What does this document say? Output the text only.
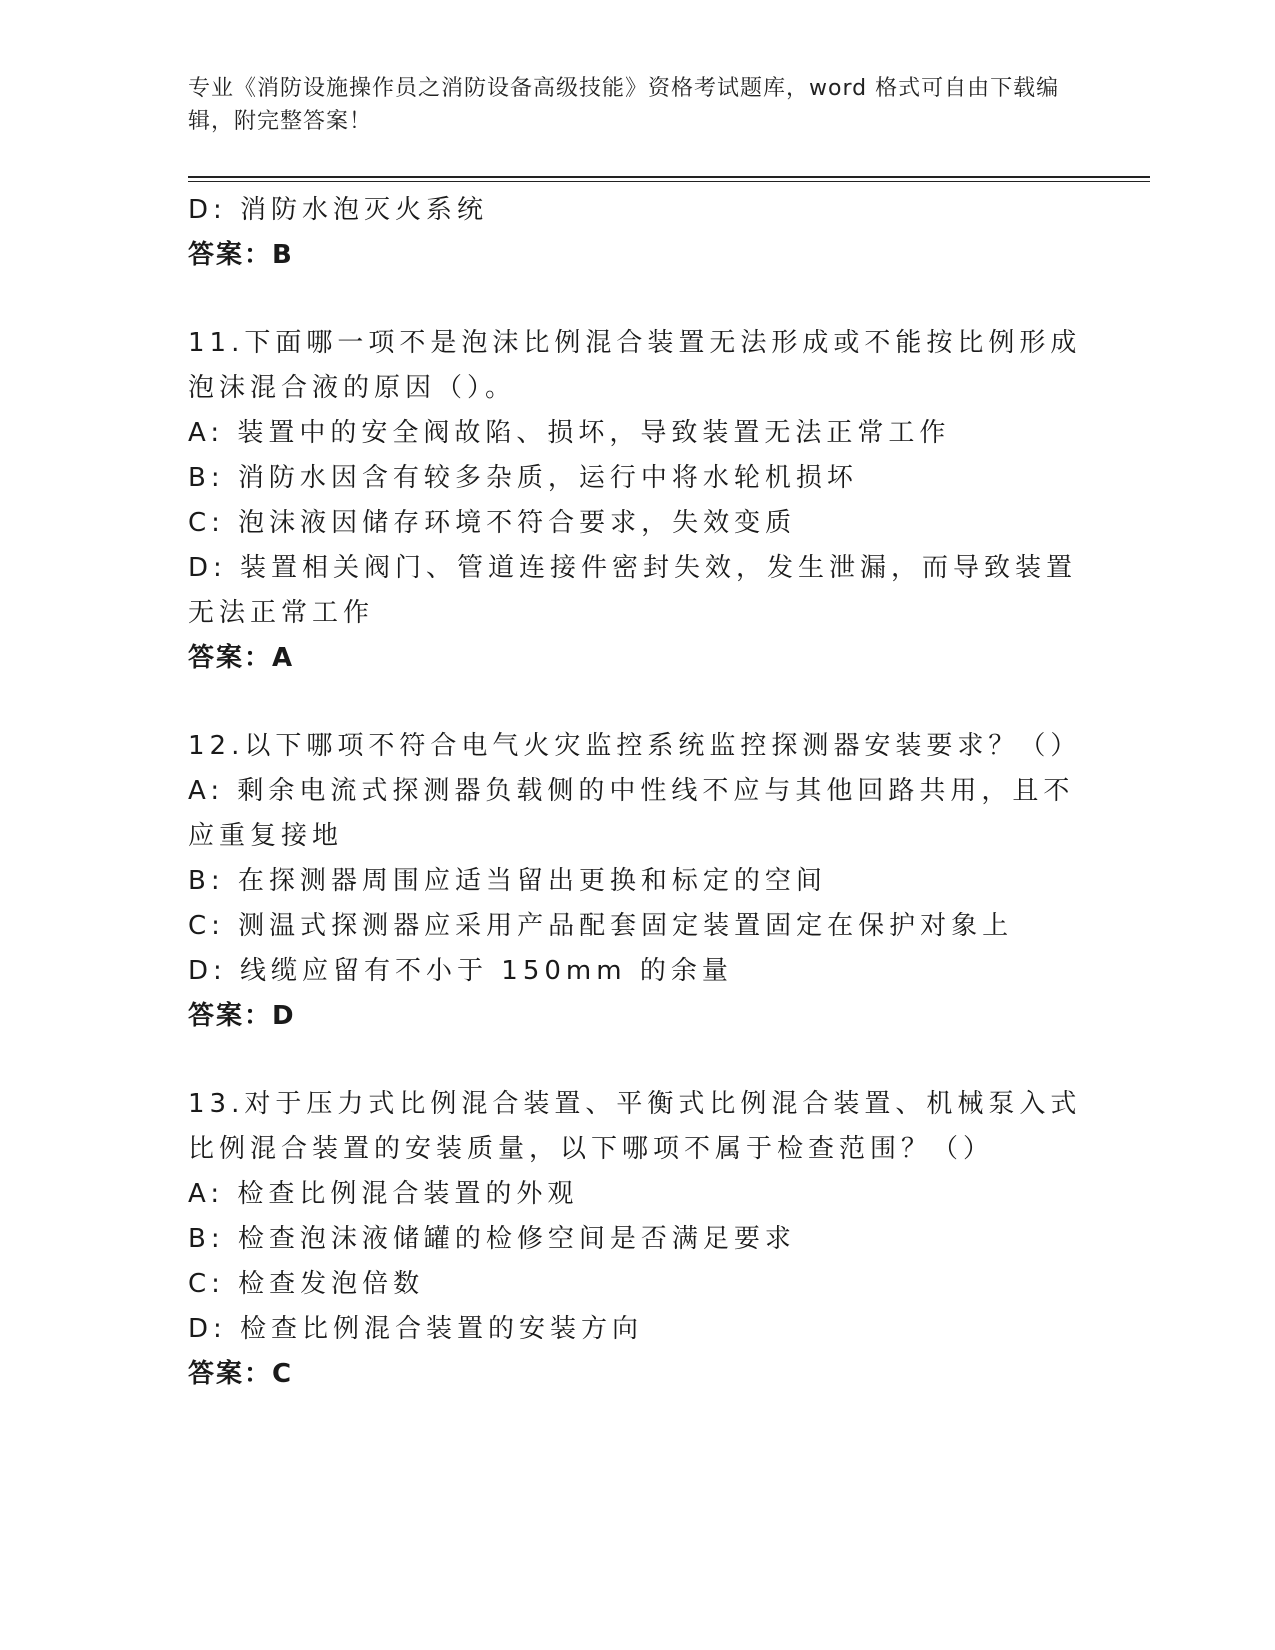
专业《消防设施操作员之消防设备高级技能》资格考试题库，word 格式可自由下载编辑，附完整答案！

D: 消防水泡灭火系统

答案：B

11.下面哪一项不是泡沫比例混合装置无法形成或不能按比例形成泡沫混合液的原因（）。

A: 装置中的安全阀故陷、损坏，导致装置无法正常工作

B: 消防水因含有较多杂质，运行中将水轮机损坏

C: 泡沫液因储存环境不符合要求，失效变质

D: 装置相关阀门、管道连接件密封失效，发生泄漏，而导致装置无法正常工作

答案：A

12.以下哪项不符合电气火灾监控系统监控探测器安装要求？（）

A: 剩余电流式探测器负载侧的中性线不应与其他回路共用，且不应重复接地

B: 在探测器周围应适当留出更换和标定的空间

C: 测温式探测器应采用产品配套固定装置固定在保护对象上

D: 线缆应留有不小于 150mm 的余量

答案：D

13.对于压力式比例混合装置、平衡式比例混合装置、机械泵入式比例混合装置的安装质量，以下哪项不属于检查范围？（）

A: 检查比例混合装置的外观

B: 检查泡沫液储罐的检修空间是否满足要求

C: 检查发泡倍数

D: 检查比例混合装置的安装方向

答案：C
